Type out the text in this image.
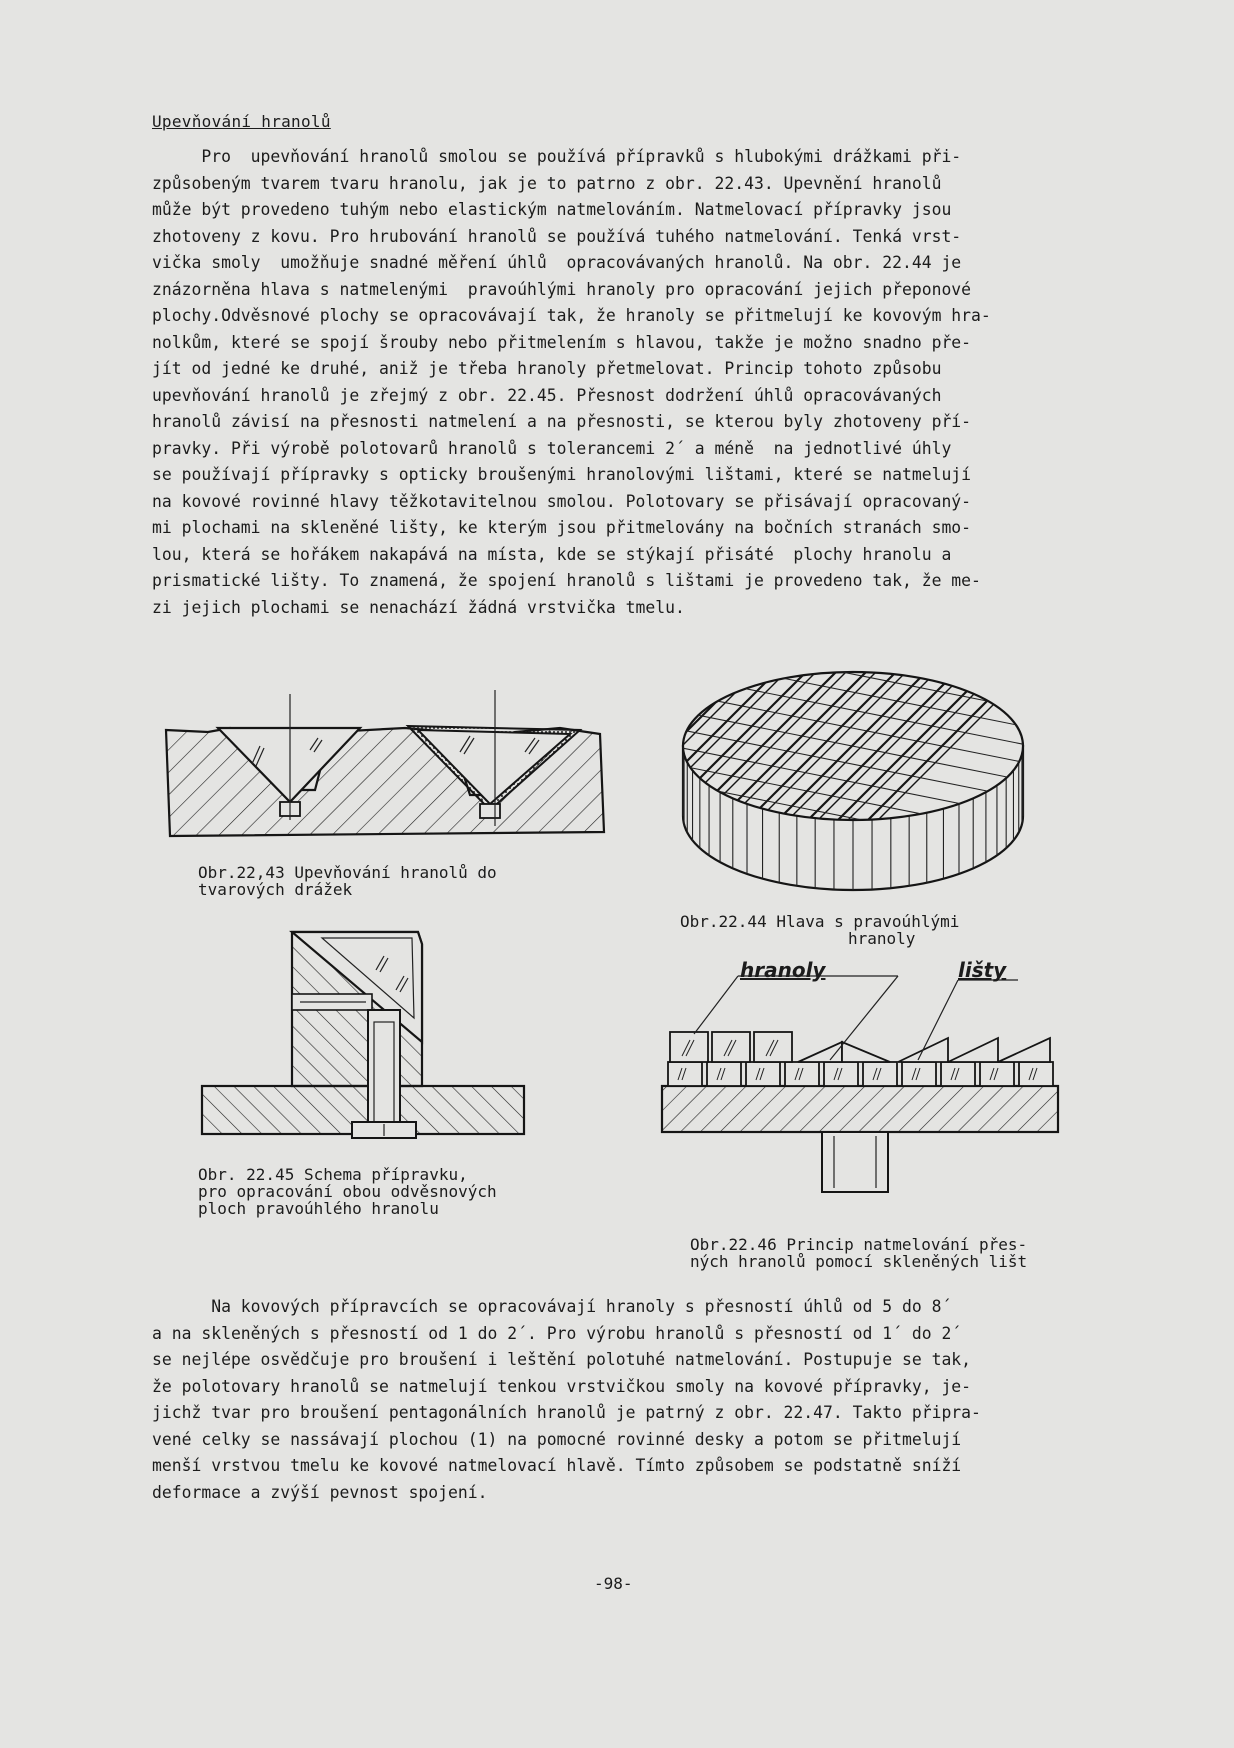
Upevňování hranolů
Pro  upevňování hranolů smolou se používá přípravků s hlubokými drážkami při-
způsobeným tvarem tvaru hranolu, jak je to patrno z obr. 22.43. Upevnění hranolů
může být provedeno tuhým nebo elastickým natmelováním. Natmelovací přípravky jsou
zhotoveny z kovu. Pro hrubování hranolů se používá tuhého natmelování. Tenká vrst-
vička smoly  umožňuje snadné měření úhlů  opracovávaných hranolů. Na obr. 22.44 je
znázorněna hlava s natmelenými  pravoúhlými hranoly pro opracování jejich přeponové
plochy.Odvěsnové plochy se opracovávají tak, že hranoly se přitmelují ke kovovým hra-
nolkům, které se spojí šrouby nebo přitmelením s hlavou, takže je možno snadno pře-
jít od jedné ke druhé, aniž je třeba hranoly přetmelovat. Princip tohoto způsobu
upevňování hranolů je zřejmý z obr. 22.45. Přesnost dodržení úhlů opracovávaných
hranolů závisí na přesnosti natmelení a na přesnosti, se kterou byly zhotoveny pří-
pravky. Při výrobě polotovarů hranolů s tolerancemi 2´ a méně  na jednotlivé úhly
se používají přípravky s opticky broušenými hranolovými lištami, které se natmelují
na kovové rovinné hlavy těžkotavitelnou smolou. Polotovary se přisávají opracovaný-
mi plochami na skleněné lišty, ke kterým jsou přitmelovány na bočních stranách smo-
lou, která se hořákem nakapává na místa, kde se stýkají přisáté  plochy hranolu a
prismatické lišty. To znamená, že spojení hranolů s lištami je provedeno tak, že me-
zi jejich plochami se nenachází žádná vrstvička tmelu.
Obr.22,43 Upevňování hranolů do
tvarových drážek
Obr.22.44 Hlava s pravoúhlými
hranoly
Obr. 22.45 Schema přípravku,
pro opracování obou odvěsnových
ploch pravoúhlého hranolu
hranoly	lišty
Obr.22.46 Princip natmelování přes-
ných hranolů pomocí skleněných lišt
Na kovových přípravcích se opracovávají hranoly s přesností úhlů od 5 do 8´
a na skleněných s přesností od 1 do 2´. Pro výrobu hranolů s přesností od 1´ do 2´
se nejlépe osvědčuje pro broušení i leštění polotuhé natmelování. Postupuje se tak,
že polotovary hranolů se natmelují tenkou vrstvičkou smoly na kovové přípravky, je-
jichž tvar pro broušení pentagonálních hranolů je patrný z obr. 22.47. Takto připra-
vené celky se nassávají plochou (1) na pomocné rovinné desky a potom se přitmelují
menší vrstvou tmelu ke kovové natmelovací hlavě. Tímto způsobem se podstatně sníží
deformace a zvýší pevnost spojení.
-98-
